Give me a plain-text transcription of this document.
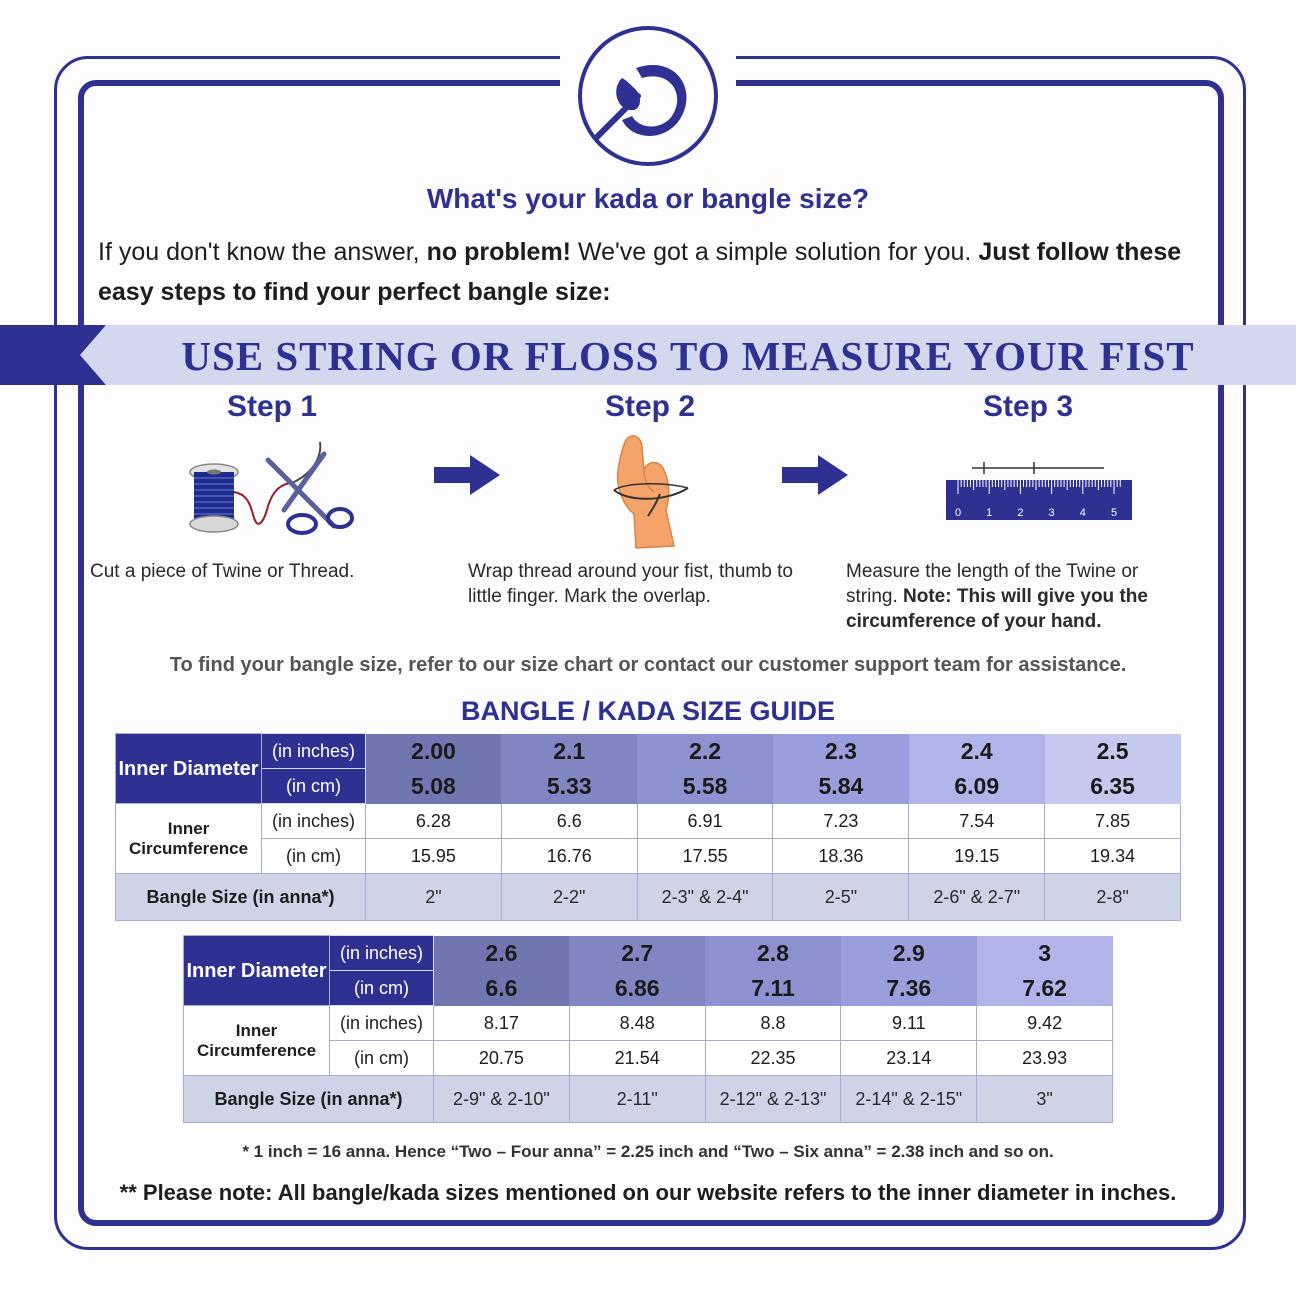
What's your kada or bangle size?
If you don't know the answer, no problem! We've got a simple solution for you. Just follow these easy steps to find your perfect bangle size:
USE STRING OR FLOSS TO MEASURE YOUR FIST
Step 1	Step 2	Step 3
0 1 2 3 4 5
Cut a piece of Twine or Thread.	Wrap thread around your fist, thumb to little finger. Mark the overlap.
Measure the length of the Twine or string. Note: This will give you the circumference of your hand.
To find your bangle size, refer to our size chart or contact our customer support team for assistance.
BANGLE / KADA SIZE GUIDE
Inner Diameter	(in inches)	2.00	2.1	2.2	2.3	2.4	2.5
	(in cm)	5.08	5.33	5.58	5.84	6.09	6.35
Inner Circumference	(in inches)	6.28	6.6	6.91	7.23	7.54	7.85
	(in cm)	15.95	16.76	17.55	18.36	19.15	19.34
Bangle Size (in anna*)		2"	2-2"	2-3" & 2-4"	2-5"	2-6" & 2-7"	2-8"
Inner Diameter	(in inches)	2.6	2.7	2.8	2.9	3
	(in cm)	6.6	6.86	7.11	7.36	7.62
Inner Circumference	(in inches)	8.17	8.48	8.8	9.11	9.42
	(in cm)	20.75	21.54	22.35	23.14	23.93
Bangle Size (in anna*)		2-9" & 2-10"	2-11"	2-12" & 2-13"	2-14" & 2-15"	3"
* 1 inch = 16 anna. Hence “Two – Four anna” = 2.25 inch and “Two – Six anna” = 2.38 inch and so on.
** Please note: All bangle/kada sizes mentioned on our website refers to the inner diameter in inches.
